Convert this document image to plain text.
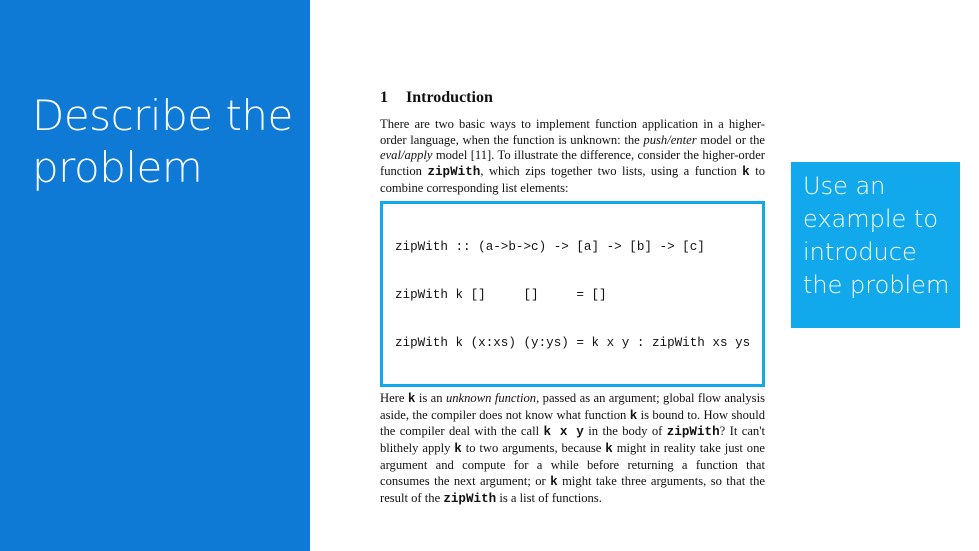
Describe the problem
1 Introduction

There are two basic ways to implement function application in a higher-order language, when the function is unknown: the push/enter model or the eval/apply model [11]. To illustrate the difference, consider the higher-order function zipWith, which zips together two lists, using a function k to combine corresponding list elements:

zipWith :: (a->b->c) -> [a] -> [b] -> [c]

zipWith k []     []     = []

zipWith k (x:xs) (y:ys) = k x y : zipWith xs ys

Here k is an unknown function, passed as an argument; global flow analysis aside, the compiler does not know what function k is bound to. How should the compiler deal with the call k x y in the body of zipWith? It can't blithely apply k to two arguments, because k might in reality take just one argument and compute for a while before returning a function that consumes the next argument; or k might take three arguments, so that the result of the zipWith is a list of functions.

Use an example to introduce the problem
